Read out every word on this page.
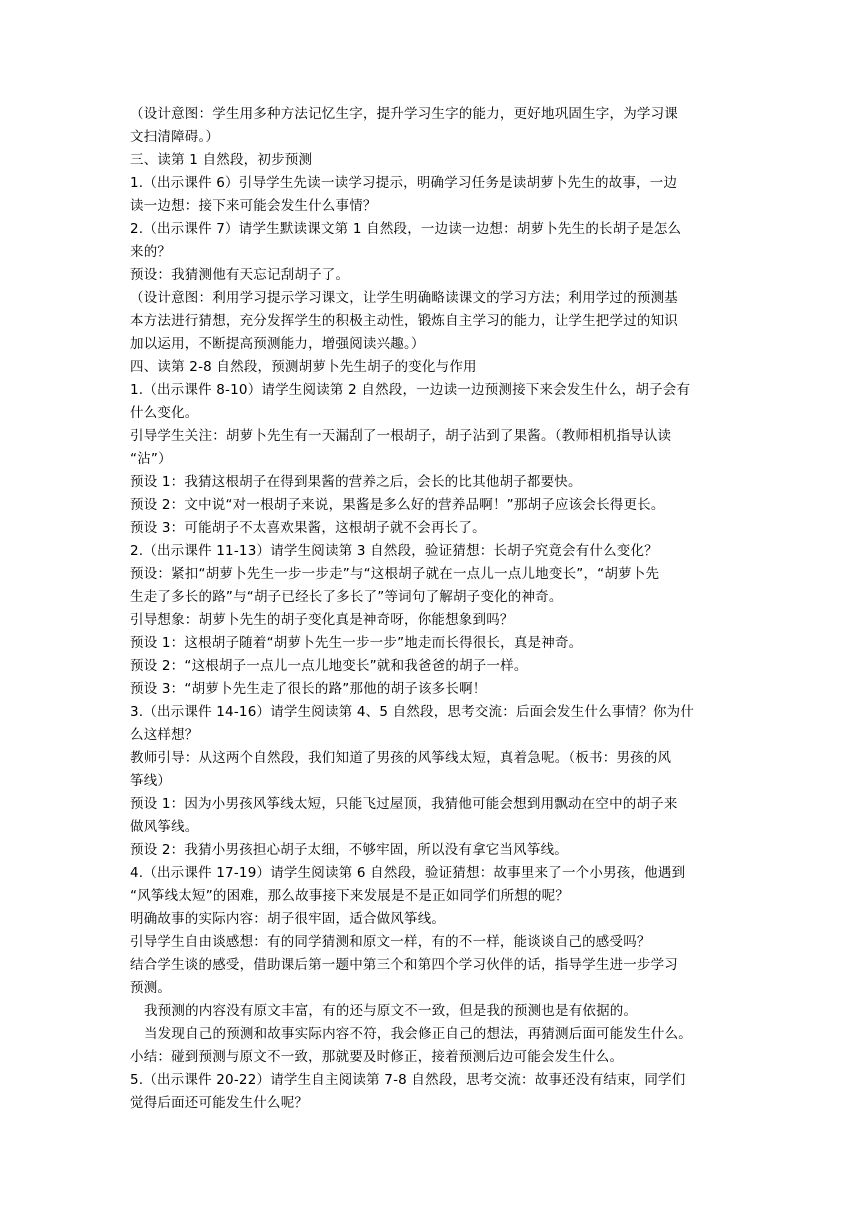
（设计意图：学生用多种方法记忆生字，提升学习生字的能力，更好地巩固生字，为学习课
文扫清障碍。）
三、读第 1 自然段，初步预测
1.（出示课件 6）引导学生先读一读学习提示，明确学习任务是读胡萝卜先生的故事，一边
读一边想：接下来可能会发生什么事情？
2.（出示课件 7）请学生默读课文第 1 自然段，一边读一边想：胡萝卜先生的长胡子是怎么
来的？
预设：我猜测他有天忘记刮胡子了。
（设计意图：利用学习提示学习课文，让学生明确略读课文的学习方法；利用学过的预测基
本方法进行猜想，充分发挥学生的积极主动性，锻炼自主学习的能力，让学生把学过的知识
加以运用，不断提高预测能力，增强阅读兴趣。）
四、读第 2-8 自然段，预测胡萝卜先生胡子的变化与作用
1.（出示课件 8-10）请学生阅读第 2 自然段，一边读一边预测接下来会发生什么，胡子会有
什么变化。
引导学生关注：胡萝卜先生有一天漏刮了一根胡子，胡子沾到了果酱。（教师相机指导认读
“沾”）
预设 1：我猜这根胡子在得到果酱的营养之后，会长的比其他胡子都要快。
预设 2：文中说“对一根胡子来说，果酱是多么好的营养品啊！”那胡子应该会长得更长。
预设 3：可能胡子不太喜欢果酱，这根胡子就不会再长了。
2.（出示课件 11-13）请学生阅读第 3 自然段，验证猜想：长胡子究竟会有什么变化？
预设：紧扣“胡萝卜先生一步一步走”与“这根胡子就在一点儿一点儿地变长”，“胡萝卜先
生走了多长的路”与“胡子已经长了多长了”等词句了解胡子变化的神奇。
引导想象：胡萝卜先生的胡子变化真是神奇呀，你能想象到吗？
预设 1：这根胡子随着“胡萝卜先生一步一步”地走而长得很长，真是神奇。
预设 2：“这根胡子一点儿一点儿地变长”就和我爸爸的胡子一样。
预设 3：“胡萝卜先生走了很长的路”那他的胡子该多长啊！
3.（出示课件 14-16）请学生阅读第 4、5 自然段，思考交流：后面会发生什么事情？你为什
么这样想？
教师引导：从这两个自然段，我们知道了男孩的风筝线太短，真着急呢。（板书：男孩的风
筝线）
预设 1：因为小男孩风筝线太短，只能飞过屋顶，我猜他可能会想到用飘动在空中的胡子来
做风筝线。
预设 2：我猜小男孩担心胡子太细，不够牢固，所以没有拿它当风筝线。
4.（出示课件 17-19）请学生阅读第 6 自然段，验证猜想：故事里来了一个小男孩，他遇到
“风筝线太短”的困难，那么故事接下来发展是不是正如同学们所想的呢？
明确故事的实际内容：胡子很牢固，适合做风筝线。
引导学生自由谈感想：有的同学猜测和原文一样，有的不一样，能谈谈自己的感受吗？
结合学生谈的感受，借助课后第一题中第三个和第四个学习伙伴的话，指导学生进一步学习
预测。
我预测的内容没有原文丰富，有的还与原文不一致，但是我的预测也是有依据的。
当发现自己的预测和故事实际内容不符，我会修正自己的想法，再猜测后面可能发生什么。
小结：碰到预测与原文不一致，那就要及时修正，接着预测后边可能会发生什么。
5.（出示课件 20-22）请学生自主阅读第 7-8 自然段，思考交流：故事还没有结束，同学们
觉得后面还可能发生什么呢？
